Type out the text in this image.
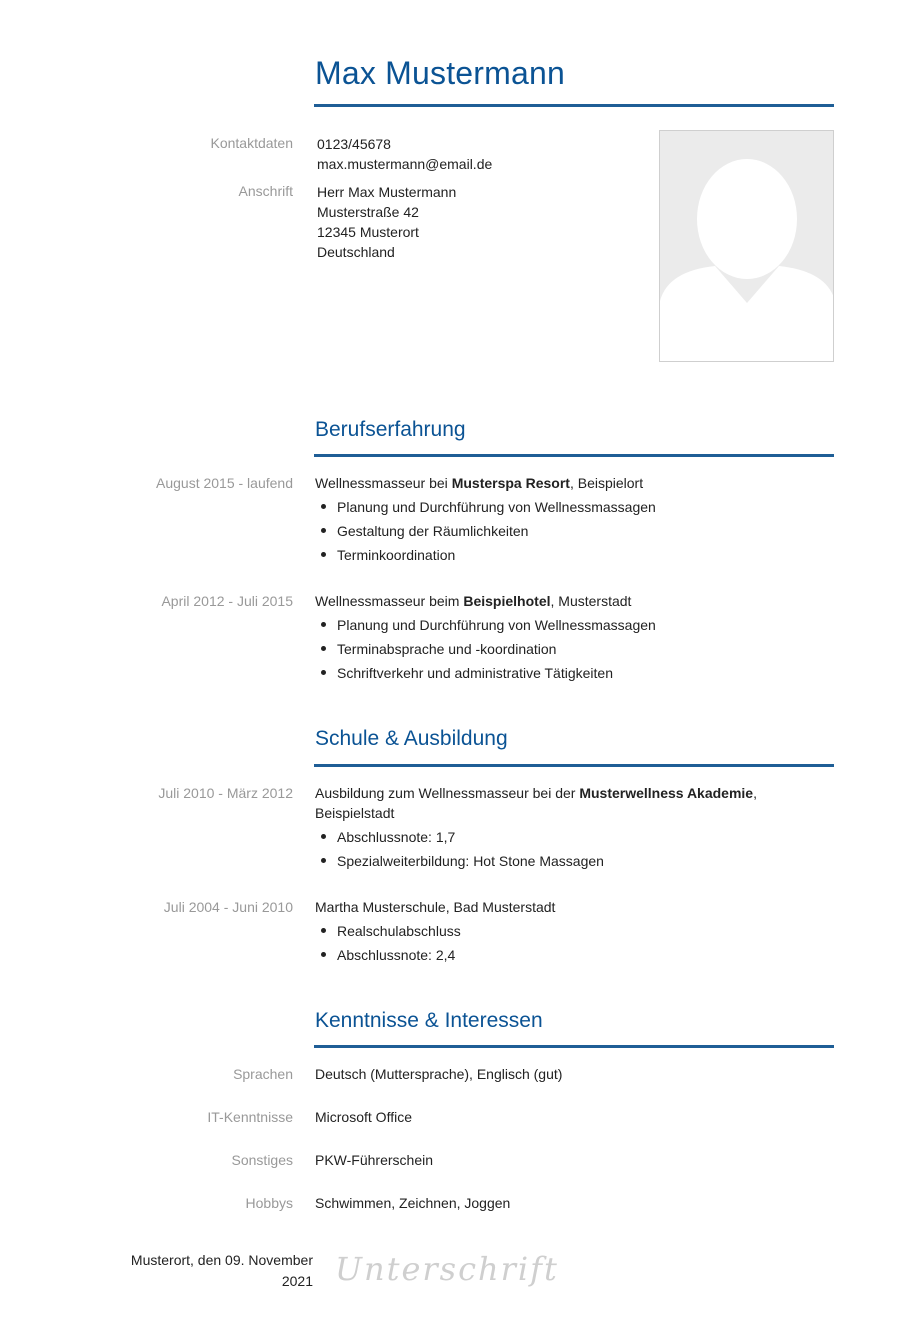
Max Mustermann
Kontaktdaten 0123/45678
max.mustermann@email.de
Anschrift Herr Max Mustermann
Musterstraße 42
12345 Musterort
Deutschland
Berufserfahrung
August 2015 - laufend Wellnessmasseur bei Musterspa Resort, Beispielort
Planung und Durchführung von Wellnessmassagen
Gestaltung der Räumlichkeiten
Terminkoordination
April 2012 - Juli 2015 Wellnessmasseur beim Beispielhotel, Musterstadt
Planung und Durchführung von Wellnessmassagen
Terminabsprache und -koordination
Schriftverkehr und administrative Tätigkeiten
Schule & Ausbildung
Juli 2010 - März 2012 Ausbildung zum Wellnessmasseur bei der Musterwellness Akademie,
Beispielstadt
Abschlussnote: 1,7
Spezialweiterbildung: Hot Stone Massagen
Juli 2004 - Juni 2010 Martha Musterschule, Bad Musterstadt
Realschulabschluss
Abschlussnote: 2,4
Kenntnisse & Interessen
Sprachen Deutsch (Muttersprache), Englisch (gut)
IT-Kenntnisse Microsoft Office
Sonstiges PKW-Führerschein
Hobbys Schwimmen, Zeichnen, Joggen
Musterort, den 09. November
2021 Unterschrift
